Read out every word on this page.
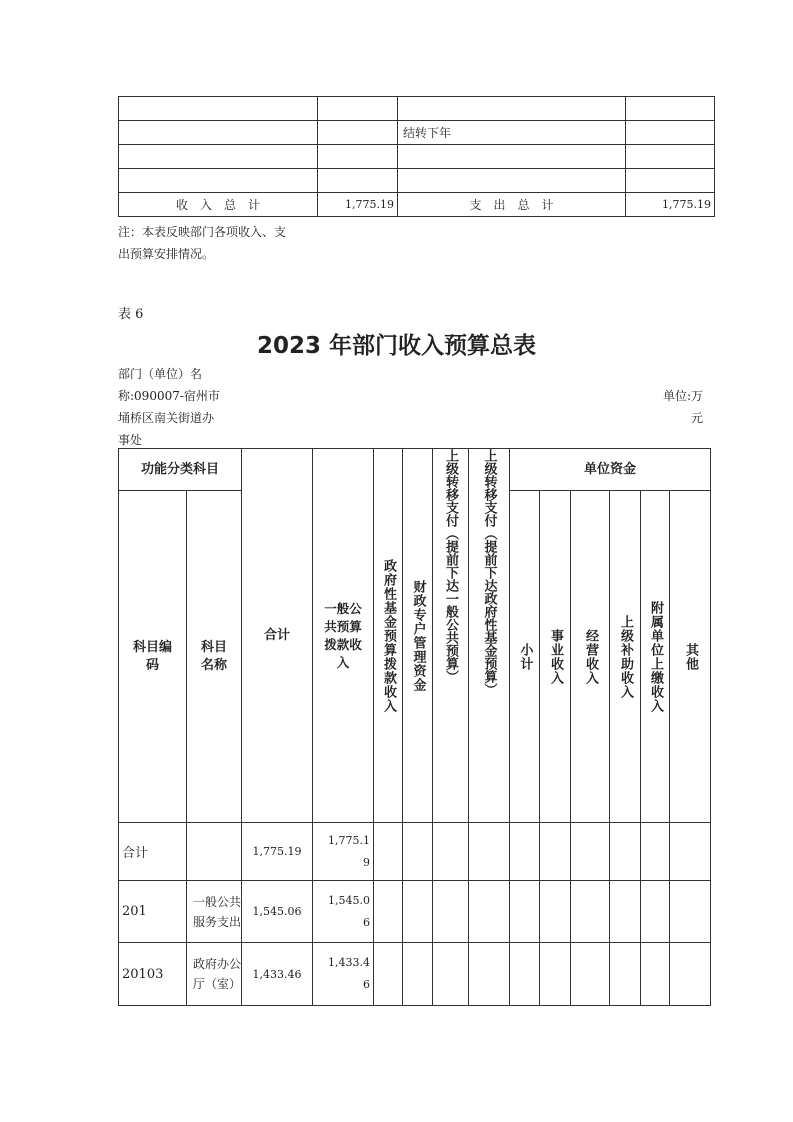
		结转下年	

收　入　总　计	1,775.19	支　出　总　计	1,775.19
注：本表反映部门各项收入、支
出预算安排情况。
表 6
2023 年部门收入预算总表
部门（单位）名
称:090007-宿州市
埇桥区南关街道办
事处
单位:万
元
功能分类科目		合计	一般公共预算拨款收入	政府性基金预算拨款收入	财政专户管理资金	上级转移支付（提前下达一般公共预算）	上级转移支付（提前下达政府性基金预算）	单位资金					

科目编码	科目名称							小计	事业收入	经营收入	上级补助收入	附属单位上缴收入	其他
合计		1,775.19	1,775.19										
201	一般公共服务支出	1,545.06	1,545.06										
20103	政府办公厅（室）	1,433.46	1,433.46										
